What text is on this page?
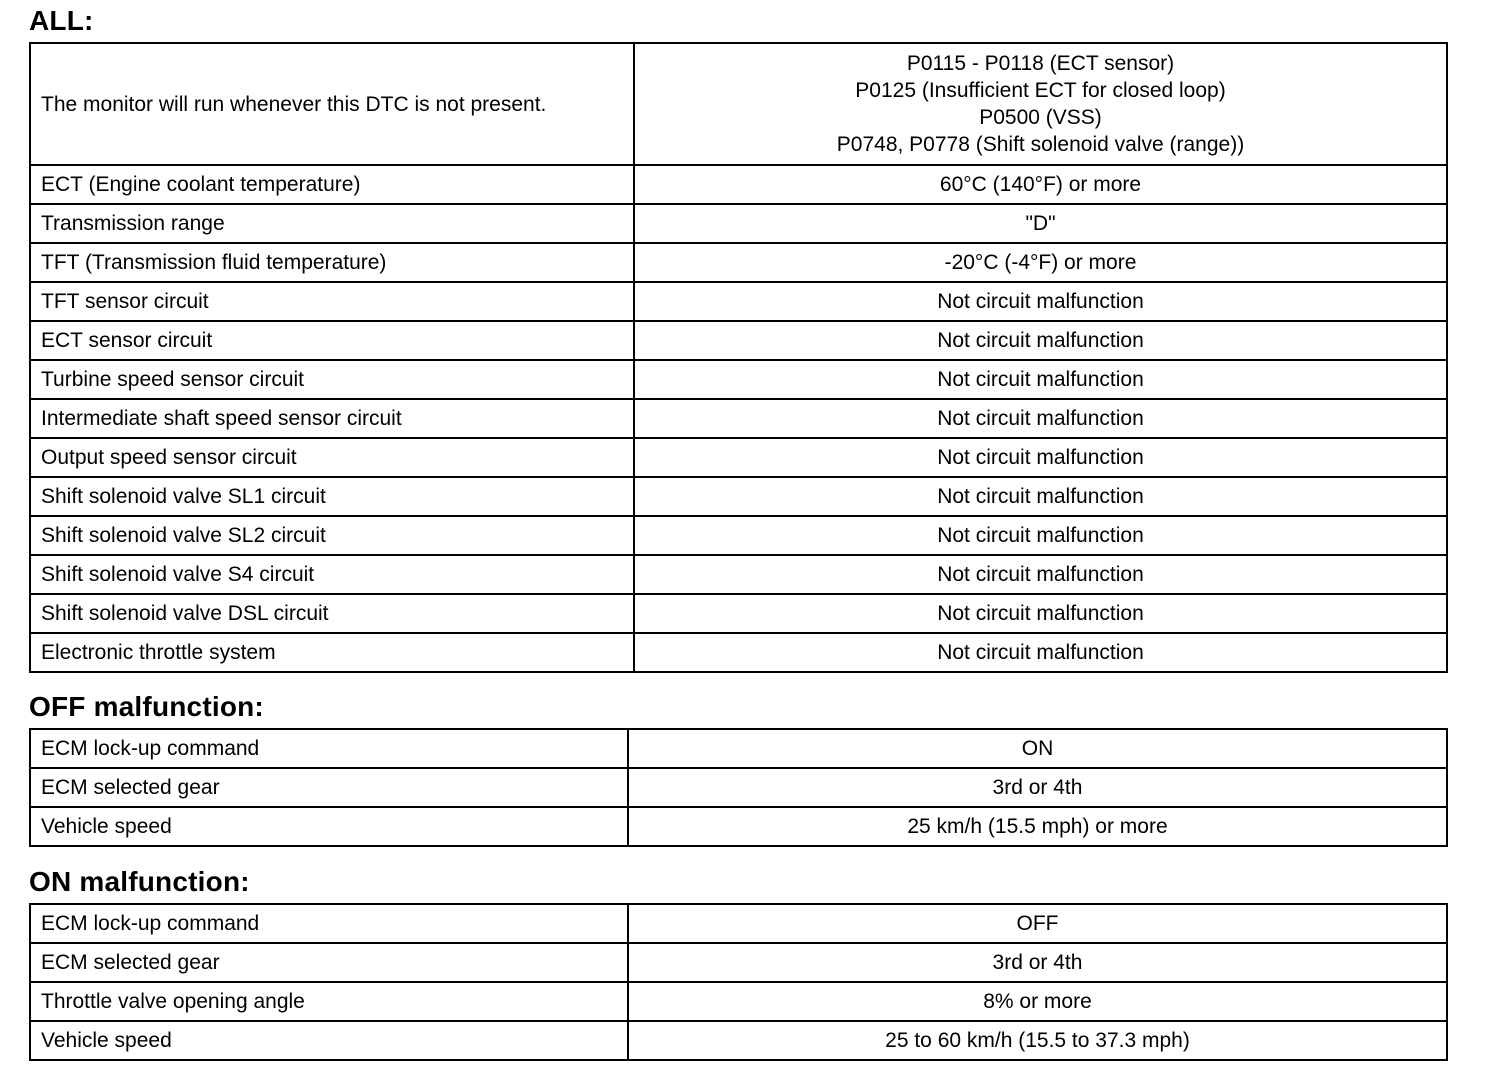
ALL:
The monitor will run whenever this DTC is not present.	P0115 - P0118 (ECT sensor)
P0125 (Insufficient ECT for closed loop)
P0500 (VSS)
P0748, P0778 (Shift solenoid valve (range))

ECT (Engine coolant temperature)	60°C (140°F) or more
Transmission range	"D"
TFT (Transmission fluid temperature)	-20°C (-4°F) or more
TFT sensor circuit	Not circuit malfunction
ECT sensor circuit	Not circuit malfunction
Turbine speed sensor circuit	Not circuit malfunction
Intermediate shaft speed sensor circuit	Not circuit malfunction
Output speed sensor circuit	Not circuit malfunction
Shift solenoid valve SL1 circuit	Not circuit malfunction
Shift solenoid valve SL2 circuit	Not circuit malfunction
Shift solenoid valve S4 circuit	Not circuit malfunction
Shift solenoid valve DSL circuit	Not circuit malfunction
Electronic throttle system	Not circuit malfunction
OFF malfunction:
ECM lock-up command	ON
ECM selected gear	3rd or 4th
Vehicle speed	25 km/h (15.5 mph) or more
ON malfunction:
ECM lock-up command	OFF
ECM selected gear	3rd or 4th
Throttle valve opening angle	8% or more
Vehicle speed	25 to 60 km/h (15.5 to 37.3 mph)
